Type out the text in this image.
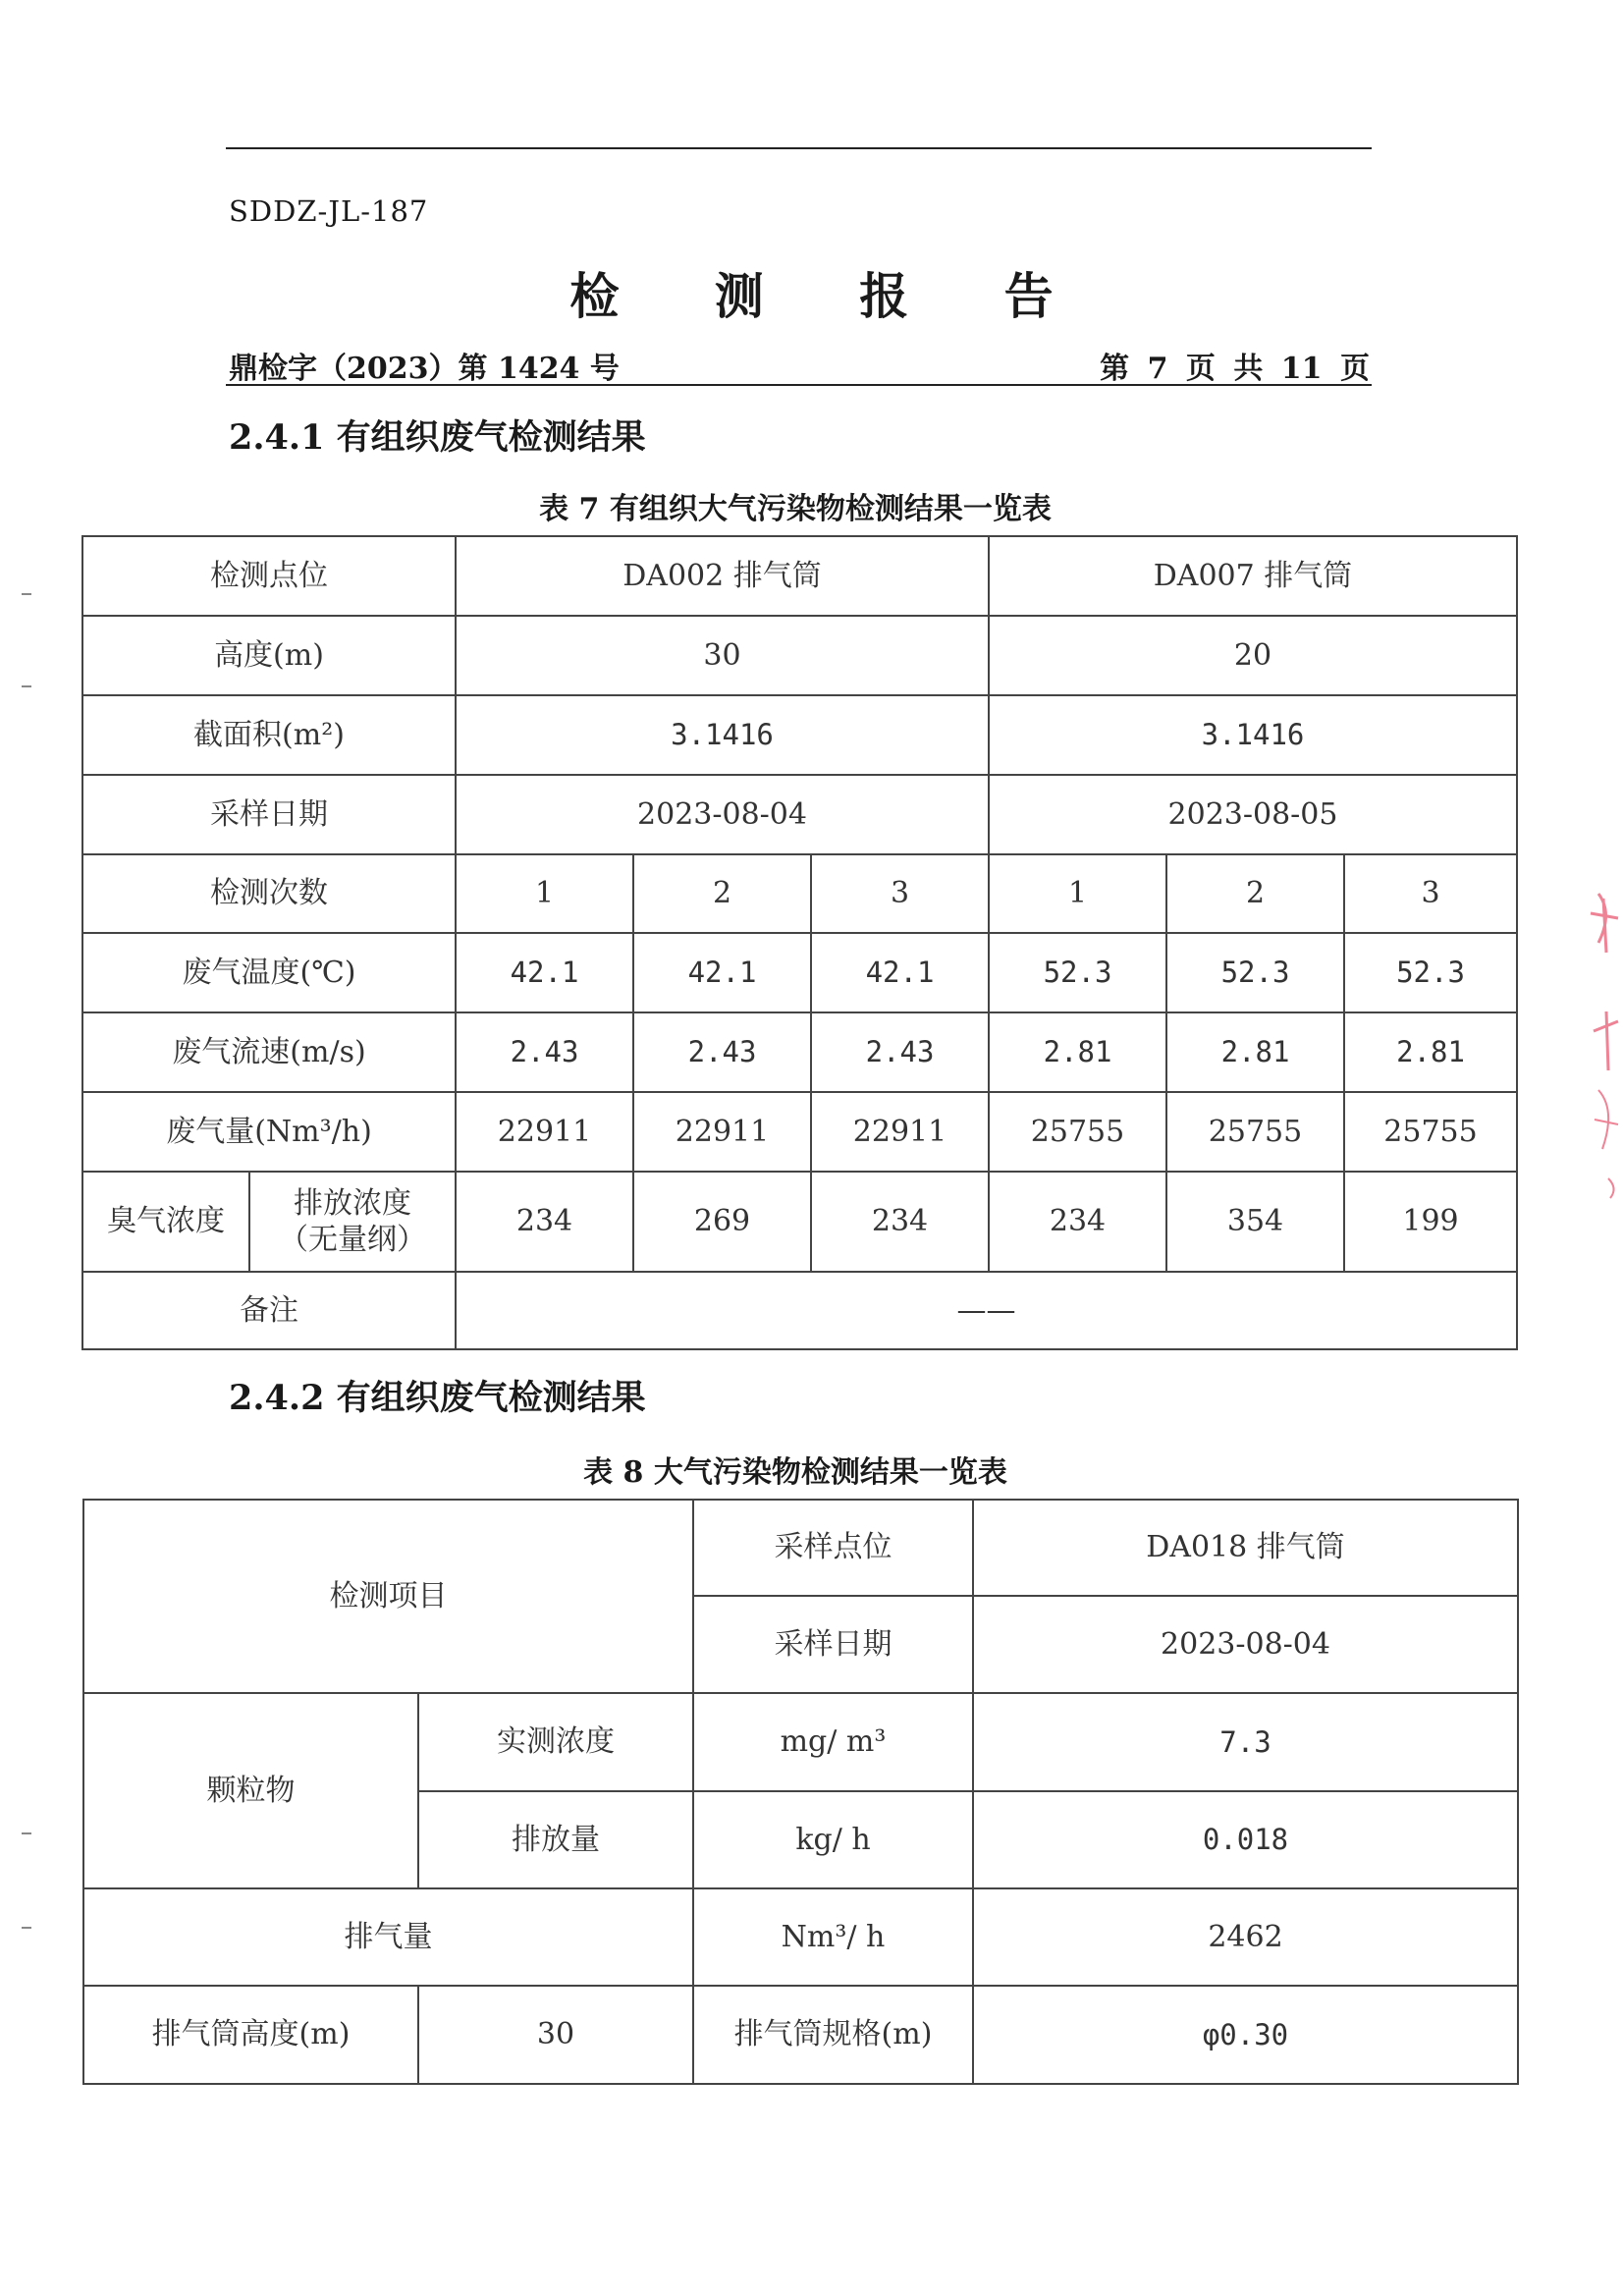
SDDZ-JL-187
检 测 报 告
鼎检字（2023）第 1424 号	第 7 页 共 11 页
2.4.1 有组织废气检测结果
表 7 有组织大气污染物检测结果一览表
检测点位		DA002 排气筒			DA007 排气筒		
高度(m)		30			20		
截面积(m²)		3.1416			3.1416		
采样日期		2023-08-04			2023-08-05		
检测次数		1	2	3	1	2	3
废气温度(℃)		42.1	42.1	42.1	52.3	52.3	52.3
废气流速(m/s)		2.43	2.43	2.43	2.81	2.81	2.81
废气量(Nm³/h)		22911	22911	22911	25755	25755	25755
臭气浓度	排放浓度（无量纲）	234	269	234	234	354	199
备注		——					
2.4.2 有组织废气检测结果
表 8 大气污染物检测结果一览表
检测项目		采样点位	DA018 排气筒
		采样日期	2023-08-04
颗粒物	实测浓度	mg/ m³	7.3
	排放量	kg/ h	0.018
排气量		Nm³/ h	2462
排气筒高度(m)	30	排气筒规格(m)	φ0.30
